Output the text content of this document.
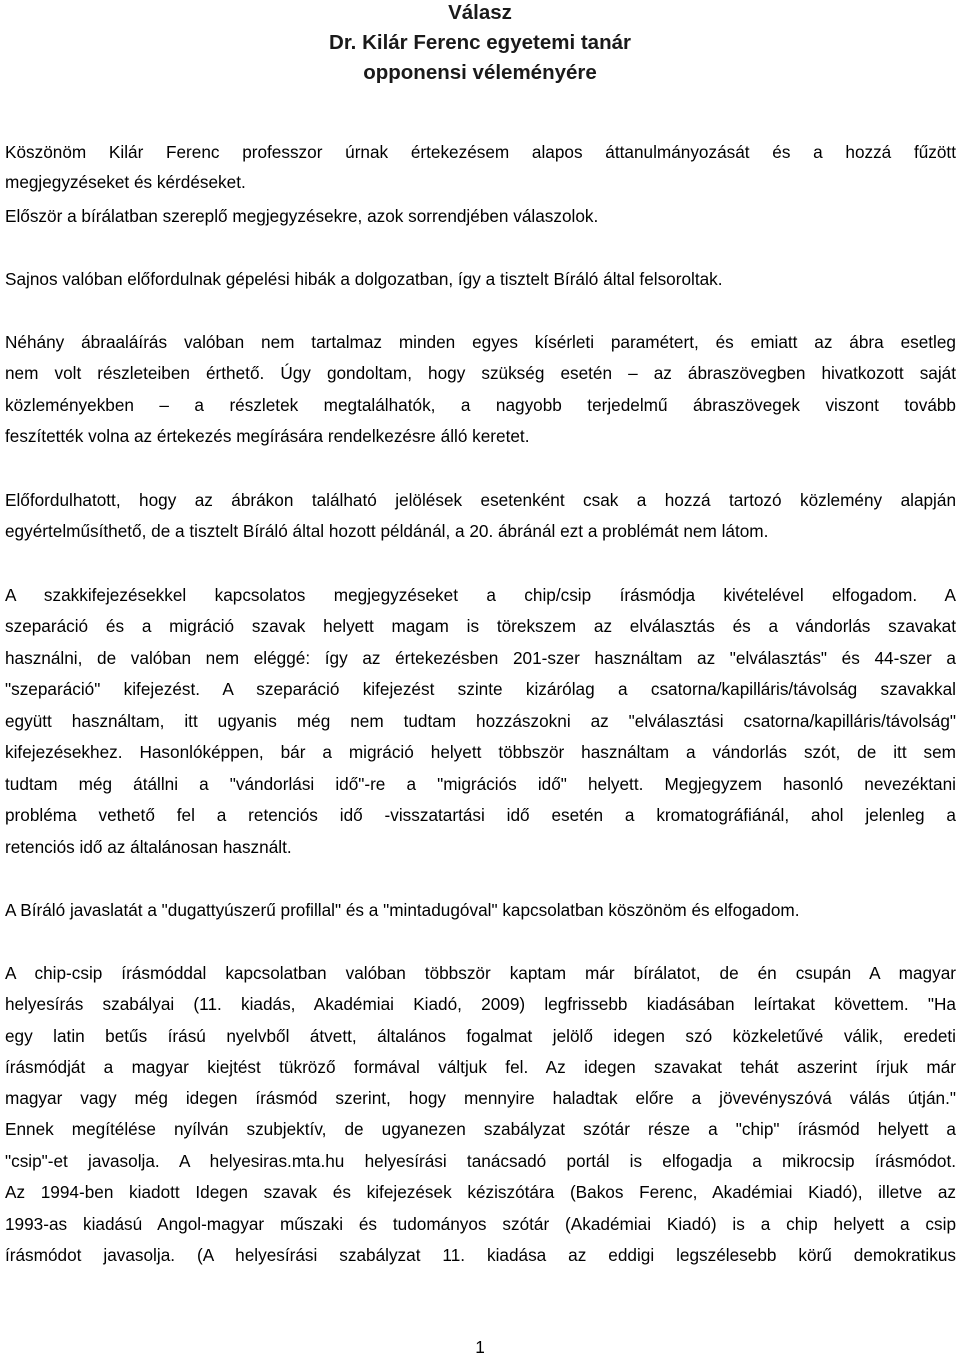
Válasz
Dr. Kilár Ferenc egyetemi tanár
opponensi véleményére
Köszönöm Kilár Ferenc professzor úrnak értekezésem alapos áttanulmányozását és a hozzá fűzött
megjegyzéseket és kérdéseket.
Először a bírálatban szereplő megjegyzésekre, azok sorrendjében válaszolok.
Sajnos valóban előfordulnak gépelési hibák a dolgozatban, így a tisztelt Bíráló által felsoroltak.
Néhány ábraaláírás valóban nem tartalmaz minden egyes kísérleti paramétert, és emiatt az ábra esetleg
nem volt részleteiben érthető. Úgy gondoltam, hogy szükség esetén – az ábraszövegben hivatkozott saját
közleményekben – a részletek megtalálhatók, a nagyobb terjedelmű ábraszövegek viszont tovább
feszítették volna az értekezés megírására rendelkezésre álló keretet.
Előfordulhatott, hogy az ábrákon található jelölések esetenként csak a hozzá tartozó közlemény alapján
egyértelműsíthető, de a tisztelt Bíráló által hozott példánál, a 20. ábránál ezt a problémát nem látom.
A szakkifejezésekkel kapcsolatos megjegyzéseket a chip/csip írásmódja kivételével elfogadom. A
szeparáció és a migráció szavak helyett magam is törekszem az elválasztás és a vándorlás szavakat
használni, de valóban nem eléggé: így az értekezésben 201-szer használtam az "elválasztás" és 44-szer a
"szeparáció" kifejezést. A szeparáció kifejezést szinte kizárólag a csatorna/kapilláris/távolság szavakkal
együtt használtam, itt ugyanis még nem tudtam hozzászokni az "elválasztási csatorna/kapilláris/távolság"
kifejezésekhez. Hasonlóképpen, bár a migráció helyett többször használtam a vándorlás szót, de itt sem
tudtam még átállni a "vándorlási idő"-re a "migrációs idő" helyett. Megjegyzem hasonló nevezéktani
probléma vethető fel a retenciós idő -visszatartási idő esetén a kromatográfiánál, ahol jelenleg a
retenciós idő az általánosan használt.
A Bíráló javaslatát a "dugattyúszerű profillal" és a "mintadugóval" kapcsolatban köszönöm és elfogadom.
A chip-csip írásmóddal kapcsolatban valóban többször kaptam már bírálatot, de én csupán A magyar
helyesírás szabályai (11. kiadás, Akadémiai Kiadó, 2009) legfrissebb kiadásában leírtakat követtem. "Ha
egy latin betűs írású nyelvből átvett, általános fogalmat jelölő idegen szó közkeletűvé válik, eredeti
írásmódját a magyar kiejtést tükröző formával váltjuk fel. Az idegen szavakat tehát aszerint írjuk már
magyar vagy még idegen írásmód szerint, hogy mennyire haladtak előre a jövevényszóvá válás útján."
Ennek megítélése nyílván szubjektív, de ugyanezen szabályzat szótár része a "chip" írásmód helyett a
"csip"-et javasolja. A helyesiras.mta.hu helyesírási tanácsadó portál is elfogadja a mikrocsip írásmódot.
Az 1994-ben kiadott Idegen szavak és kifejezések kéziszótára (Bakos Ferenc, Akadémiai Kiadó), illetve az
1993-as kiadású Angol-magyar műszaki és tudományos szótár (Akadémiai Kiadó) is a chip helyett a csip
írásmódot javasolja. (A helyesírási szabályzat 11. kiadása az eddigi legszélesebb körű demokratikus
1
